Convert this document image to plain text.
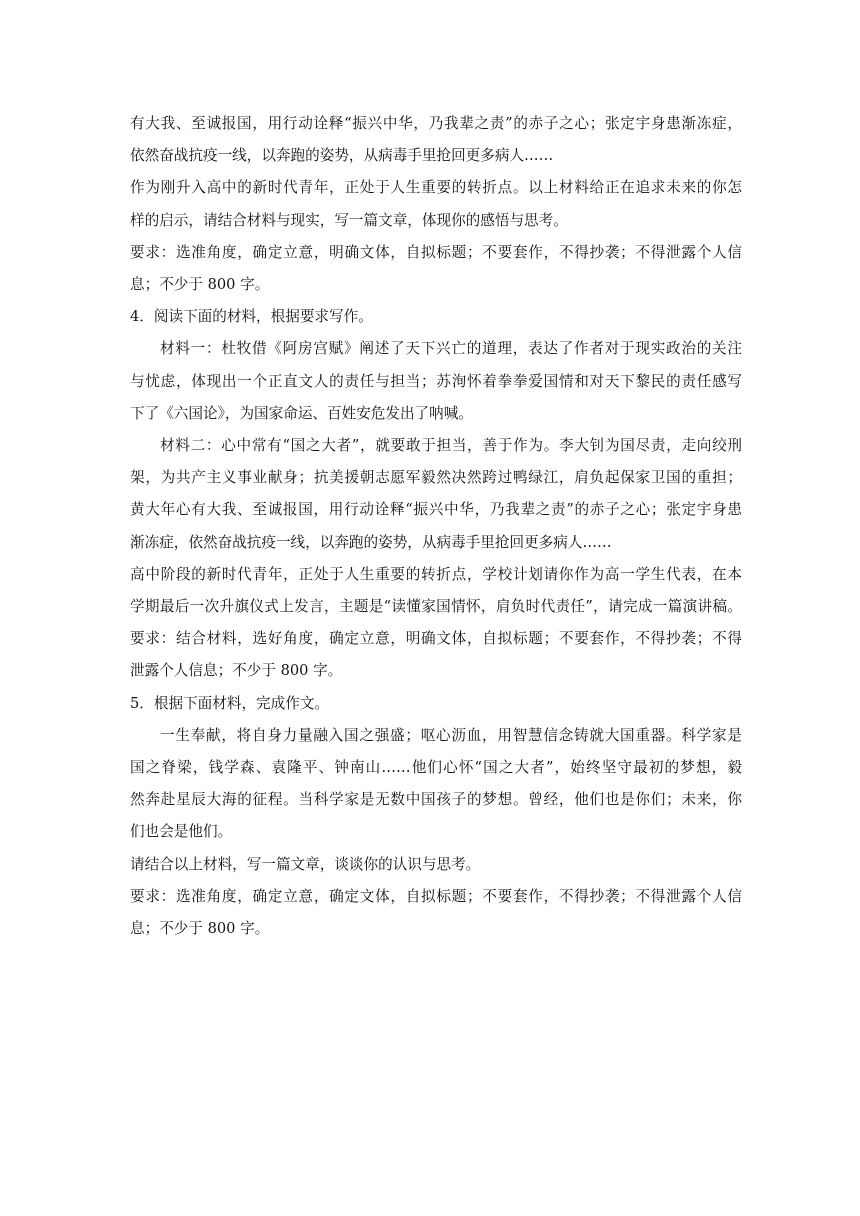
有大我、至诚报国，用行动诠释“振兴中华，乃我辈之责”的赤子之心；张定宇身患渐冻症，
依然奋战抗疫一线，以奔跑的姿势，从病毒手里抢回更多病人……
作为刚升入高中的新时代青年，正处于人生重要的转折点。以上材料给正在追求未来的你怎
样的启示，请结合材料与现实，写一篇文章，体现你的感悟与思考。
要求：选准角度，确定立意，明确文体，自拟标题；不要套作，不得抄袭；不得泄露个人信
息；不少于 800 字。
4．阅读下面的材料，根据要求写作。
材料一：杜牧借《阿房宫赋》阐述了天下兴亡的道理，表达了作者对于现实政治的关注
与忧虑，体现出一个正直文人的责任与担当；苏洵怀着拳拳爱国情和对天下黎民的责任感写
下了《六国论》，为国家命运、百姓安危发出了呐喊。
材料二：心中常有“国之大者”，就要敢于担当，善于作为。李大钊为国尽责，走向绞刑
架，为共产主义事业献身；抗美援朝志愿军毅然决然跨过鸭绿江，肩负起保家卫国的重担；
黄大年心有大我、至诚报国，用行动诠释“振兴中华，乃我辈之责”的赤子之心；张定宇身患
渐冻症，依然奋战抗疫一线，以奔跑的姿势，从病毒手里抢回更多病人……
高中阶段的新时代青年，正处于人生重要的转折点，学校计划请你作为高一学生代表，在本
学期最后一次升旗仪式上发言，主题是“读懂家国情怀，肩负时代责任”，请完成一篇演讲稿。
要求：结合材料，选好角度，确定立意，明确文体，自拟标题；不要套作，不得抄袭；不得
泄露个人信息；不少于 800 字。
5．根据下面材料，完成作文。
一生奉献，将自身力量融入国之强盛；呕心沥血，用智慧信念铸就大国重器。科学家是
国之脊梁，钱学森、袁隆平、钟南山……他们心怀“国之大者”，始终坚守最初的梦想，毅
然奔赴星辰大海的征程。当科学家是无数中国孩子的梦想。曾经，他们也是你们；未来，你
们也会是他们。
请结合以上材料，写一篇文章，谈谈你的认识与思考。
要求：选准角度，确定立意，确定文体，自拟标题；不要套作，不得抄袭；不得泄露个人信
息；不少于 800 字。
